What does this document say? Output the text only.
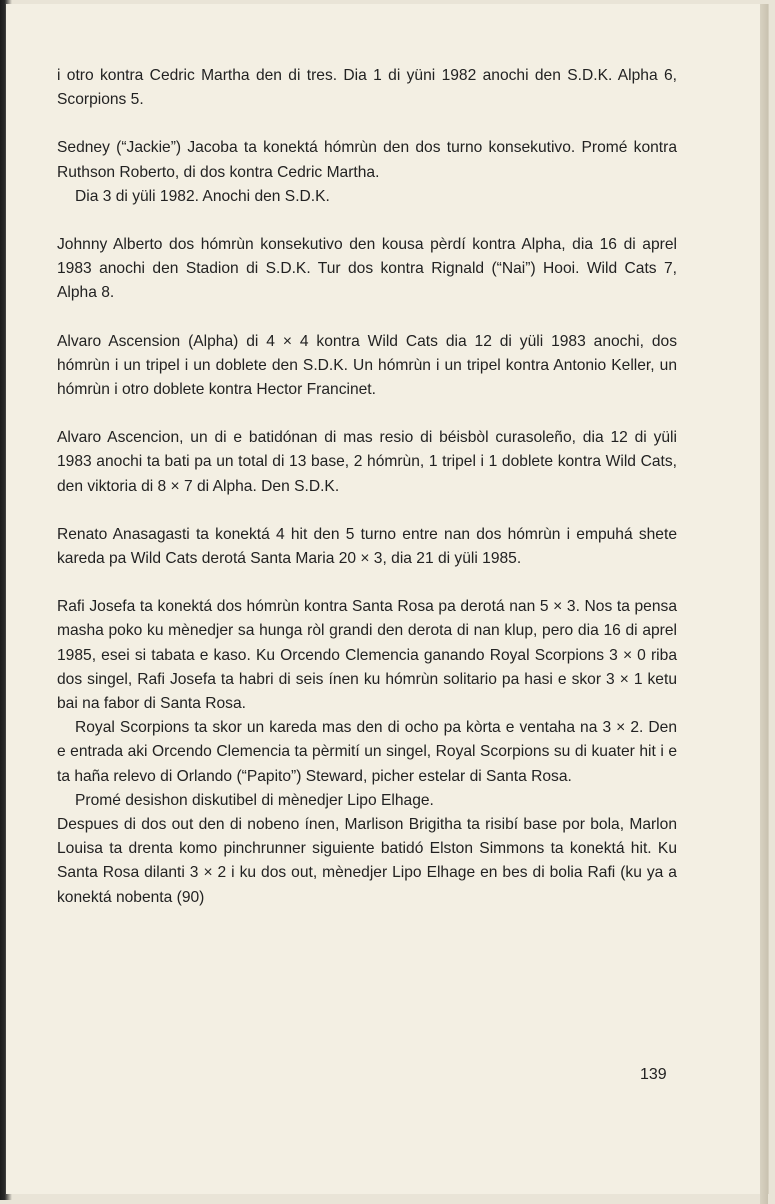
i otro kontra Cedric Martha den di tres. Dia 1 di yüni 1982 anochi den S.D.K. Alpha 6, Scorpions 5.

Sedney (“Jackie”) Jacoba ta konektá hómrùn den dos turno konsekutivo. Promé kontra Ruthson Roberto, di dos kontra Cedric Martha.

Dia 3 di yüli 1982. Anochi den S.D.K.

Johnny Alberto dos hómrùn konsekutivo den kousa pèrdí kontra Alpha, dia 16 di aprel 1983 anochi den Stadion di S.D.K. Tur dos kontra Rignald (“Nai”) Hooi. Wild Cats 7, Alpha 8.

Alvaro Ascension (Alpha) di 4 × 4 kontra Wild Cats dia 12 di yüli 1983 anochi, dos hómrùn i un tripel i un doblete den S.D.K. Un hómrùn i un tripel kontra Antonio Keller, un hómrùn i otro doblete kontra Hector Francinet.

Alvaro Ascencion, un di e batidónan di mas resio di béisbòl curasoleño, dia 12 di yüli 1983 anochi ta bati pa un total di 13 base, 2 hómrùn, 1 tripel i 1 doblete kontra Wild Cats, den viktoria di 8 × 7 di Alpha. Den S.D.K.

Renato Anasagasti ta konektá 4 hit den 5 turno entre nan dos hómrùn i empuhá shete kareda pa Wild Cats derotá Santa Maria 20 × 3, dia 21 di yüli 1985.

Rafi Josefa ta konektá dos hómrùn kontra Santa Rosa pa derotá nan 5 × 3. Nos ta pensa masha poko ku mènedjer sa hunga ròl grandi den derota di nan klup, pero dia 16 di aprel 1985, esei si tabata e kaso. Ku Orcendo Clemencia ganando Royal Scorpions 3 × 0 riba dos singel, Rafi Josefa ta habri di seis ínen ku hómrùn solitario pa hasi e skor 3 × 1 ketu bai na fabor di Santa Rosa.

Royal Scorpions ta skor un kareda mas den di ocho pa kòrta e ventaha na 3 × 2. Den e entrada aki Orcendo Clemencia ta pèrmití un singel, Royal Scorpions su di kuater hit i e ta haña relevo di Orlando (“Papito”) Steward, picher estelar di Santa Rosa.

Promé desishon diskutibel di mènedjer Lipo Elhage.

Despues di dos out den di nobeno ínen, Marlison Brigitha ta risibí base por bola, Marlon Louisa ta drenta komo pinchrunner siguiente batidó Elston Simmons ta konektá hit. Ku Santa Rosa dilanti 3 × 2 i ku dos out, mènedjer Lipo Elhage en bes di bolia Rafi (ku ya a konektá nobenta (90)

139
